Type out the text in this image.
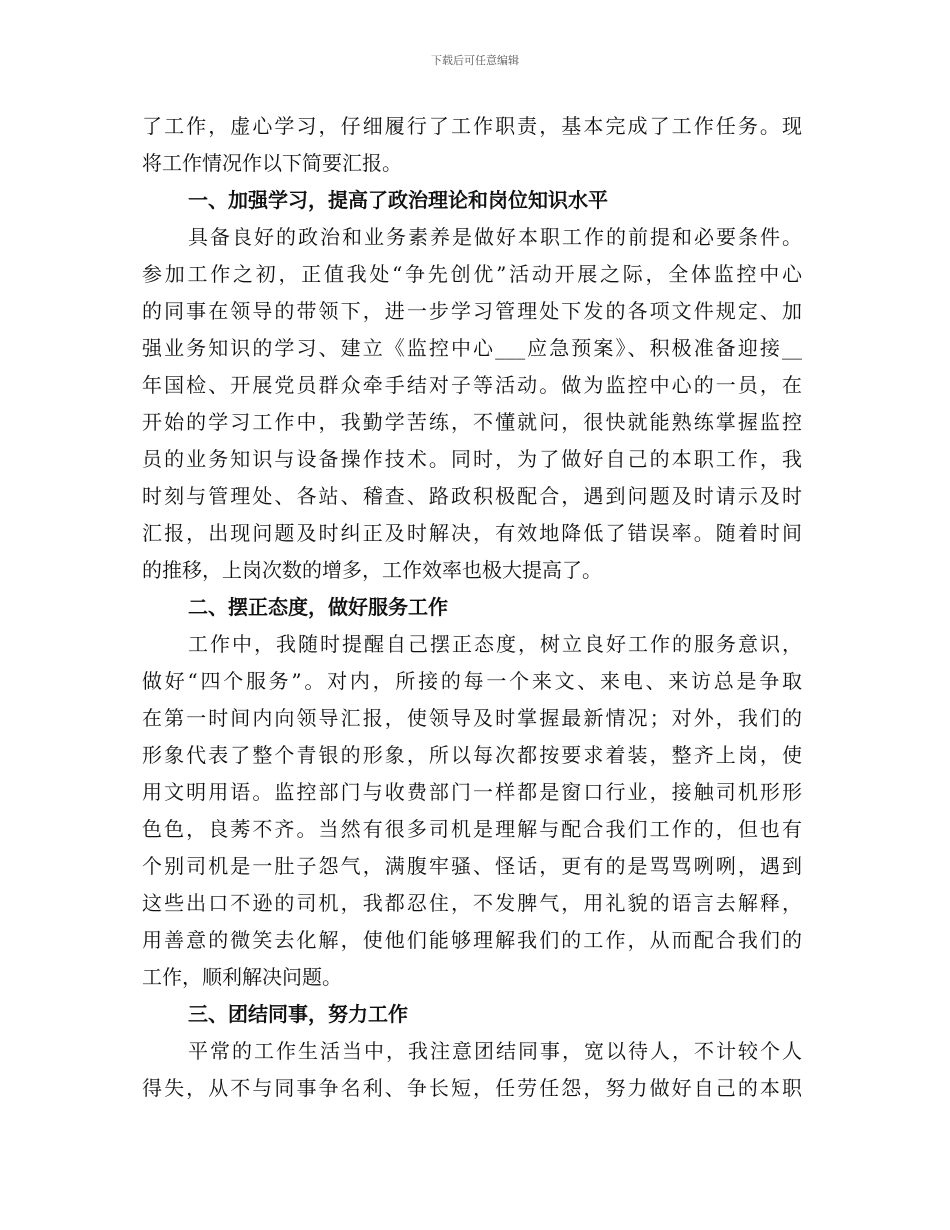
下载后可任意编辑
了工作，虚心学习，仔细履行了工作职责，基本完成了工作任务。现
将工作情况作以下简要汇报。
一、加强学习，提高了政治理论和岗位知识水平
具备良好的政治和业务素养是做好本职工作的前提和必要条件。
参加工作之初，正值我处“争先创优”活动开展之际，全体监控中心
的同事在领导的带领下，进一步学习管理处下发的各项文件规定、加
强业务知识的学习、建立《监控中心___应急预案》、积极准备迎接__
年国检、开展党员群众牵手结对子等活动。做为监控中心的一员，在
开始的学习工作中，我勤学苦练，不懂就问，很快就能熟练掌握监控
员的业务知识与设备操作技术。同时，为了做好自己的本职工作，我
时刻与管理处、各站、稽查、路政积极配合，遇到问题及时请示及时
汇报，出现问题及时纠正及时解决，有效地降低了错误率。随着时间
的推移，上岗次数的增多，工作效率也极大提高了。
二、摆正态度，做好服务工作
工作中，我随时提醒自己摆正态度，树立良好工作的服务意识，
做好“四个服务”。对内，所接的每一个来文、来电、来访总是争取
在第一时间内向领导汇报，使领导及时掌握最新情况；对外，我们的
形象代表了整个青银的形象，所以每次都按要求着装，整齐上岗，使
用文明用语。监控部门与收费部门一样都是窗口行业，接触司机形形
色色，良莠不齐。当然有很多司机是理解与配合我们工作的，但也有
个别司机是一肚子怨气，满腹牢骚、怪话，更有的是骂骂咧咧，遇到
这些出口不逊的司机，我都忍住，不发脾气，用礼貌的语言去解释，
用善意的微笑去化解，使他们能够理解我们的工作，从而配合我们的
工作，顺利解决问题。
三、团结同事，努力工作
平常的工作生活当中，我注意团结同事，宽以待人，不计较个人
得失，从不与同事争名利、争长短，任劳任怨，努力做好自己的本职
